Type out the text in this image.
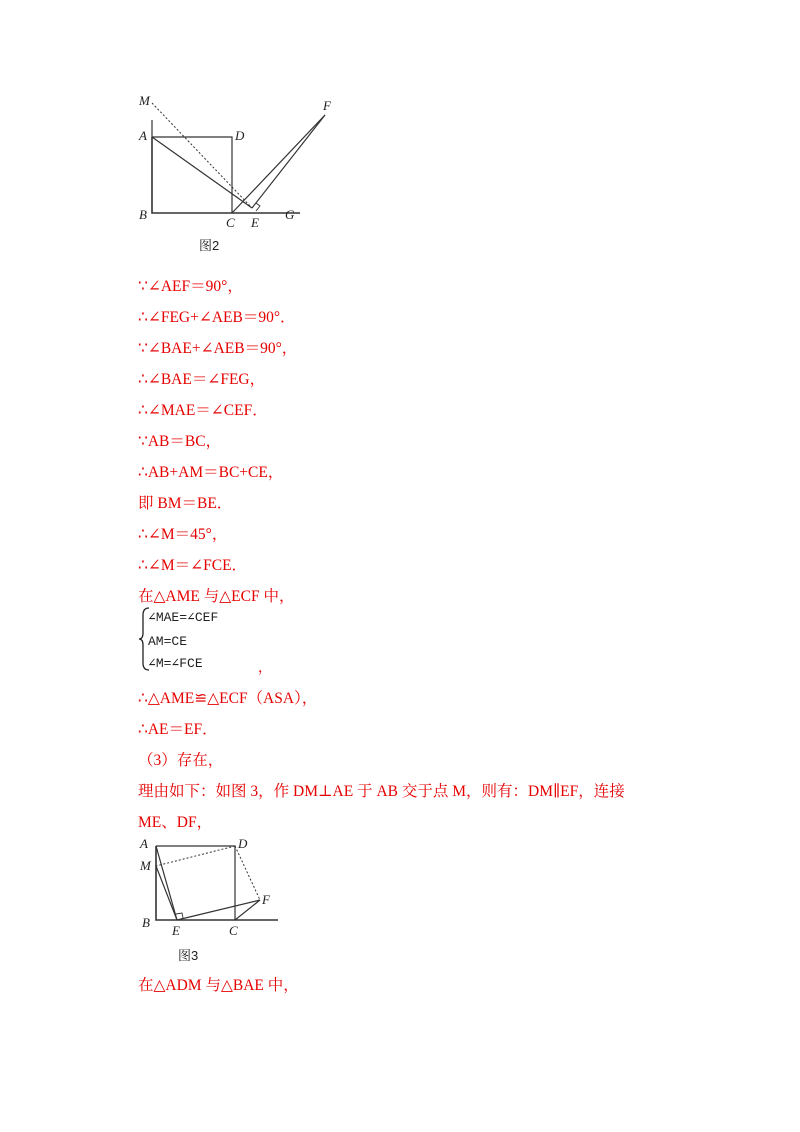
M
A	D
F
B
C E
G
图2
∵∠AEF＝90°，
∴∠FEG+∠AEB＝90°．
∵∠BAE+∠AEB＝90°，
∴∠BAE＝∠FEG，
∴∠MAE＝∠CEF．
∵AB＝BC，
∴AB+AM＝BC+CE，
即 BM＝BE．
∴∠M＝45°，
∴∠M＝∠FCE．
在△AME 与△ECF 中，
∠MAE=∠CEF
AM=CE
∠M=∠FCE	，
∴△AME≌△ECF（ASA），
∴AE＝EF．
（3）存在，
理由如下：如图 3，作 DM⊥AE 于 AB 交于点 M，则有：DM∥EF，连接
ME、DF，
A	D
M
F
B
E	C
图3
在△ADM 与△BAE 中，
